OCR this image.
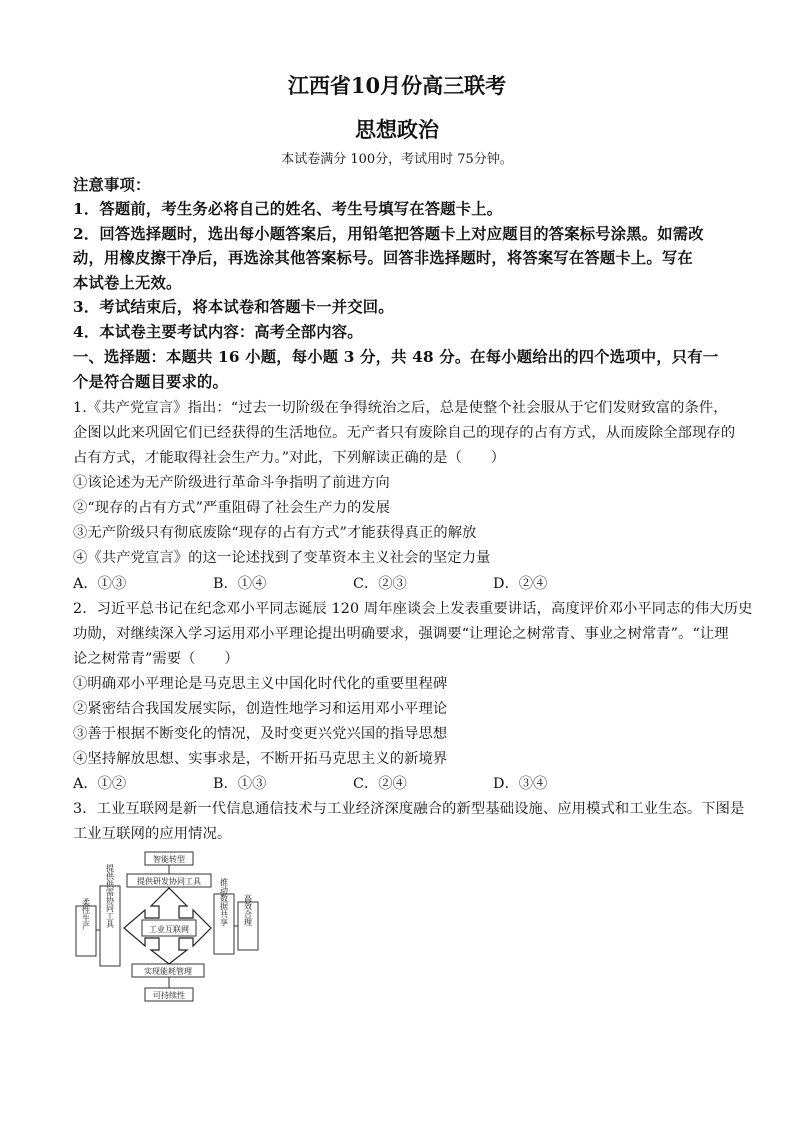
江西省10月份高三联考
思想政治
本试卷满分 100分，考试用时 75分钟。
注意事项：
1．答题前，考生务必将自己的姓名、考生号填写在答题卡上。
2．回答选择题时，选出每小题答案后，用铅笔把答题卡上对应题目的答案标号涂黑。如需改
动，用橡皮擦干净后，再选涂其他答案标号。回答非选择题时，将答案写在答题卡上。写在
本试卷上无效。
3．考试结束后，将本试卷和答题卡一并交回。
4．本试卷主要考试内容：高考全部内容。
一、选择题：本题共 16 小题，每小题 3 分，共 48 分。在每小题给出的四个选项中，只有一
个是符合题目要求的。
1.《共产党宣言》指出：“过去一切阶级在争得统治之后，总是使整个社会服从于它们发财致富的条件，
企图以此来巩固它们已经获得的生活地位。无产者只有废除自己的现存的占有方式，从而废除全部现存的
占有方式，才能取得社会生产力。”对此，下列解读正确的是（　　）
①该论述为无产阶级进行革命斗争指明了前进方向
②“现存的占有方式”严重阻碍了社会生产力的发展
③无产阶级只有彻底废除“现存的占有方式”才能获得真正的解放
④《共产党宣言》的这一论述找到了变革资本主义社会的坚定力量
A．①③	B．①④	C．②③	D．②④
2．习近平总书记在纪念邓小平同志诞辰 120 周年座谈会上发表重要讲话，高度评价邓小平同志的伟大历史
功勋，对继续深入学习运用邓小平理论提出明确要求，强调要“让理论之树常青、事业之树常青”。“让理
论之树常青”需要（　　）
①明确邓小平理论是马克思主义中国化时代化的重要里程碑
②紧密结合我国发展实际，创造性地学习和运用邓小平理论
③善于根据不断变化的情况，及时变更兴党兴国的指导思想
④坚持解放思想、实事求是，不断开拓马克思主义的新境界
A．①②	B．①③	C．②④	D．③④
3．工业互联网是新一代信息通信技术与工业经济深度融合的新型基础设施、应用模式和工业生态。下图是
工业互联网的应用情况。
智能转型
提供研发协同工具
工业互联网
实现能耗管理
可持续性
提供供需协同工具
柔性生产	推动数据共享 高效合理
